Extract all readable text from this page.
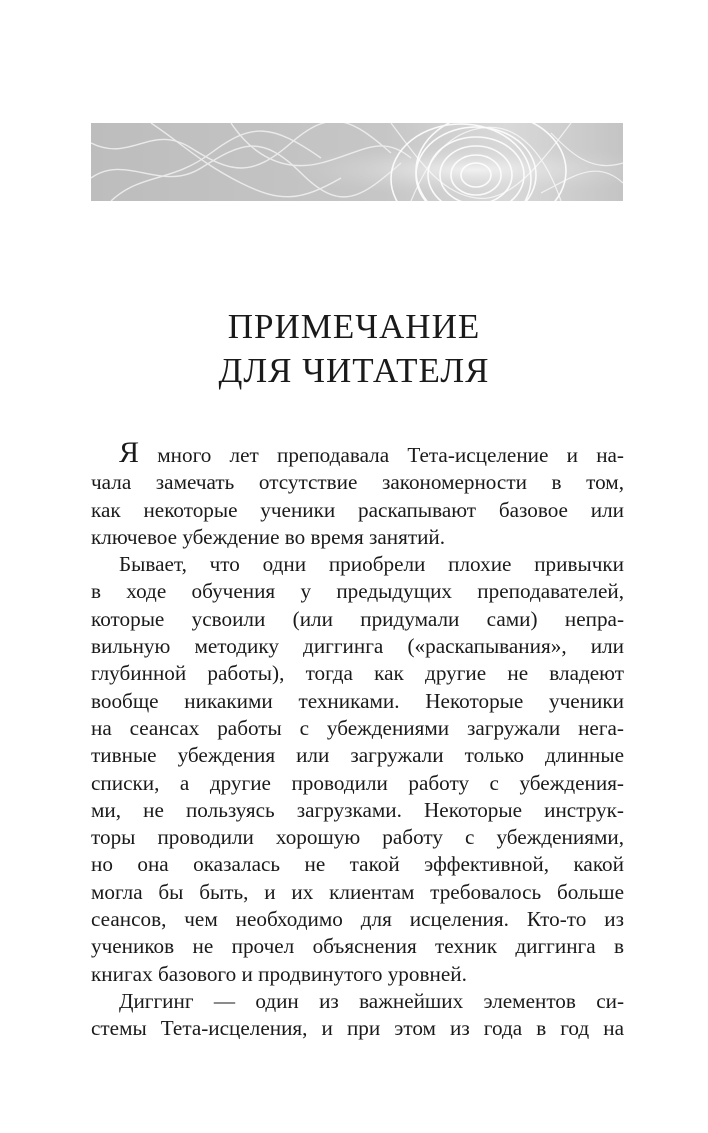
ПРИМЕЧАНИЕ
ДЛЯ ЧИТАТЕЛЯ

Я много лет преподавала Тета-исцеление и на-
чала замечать отсутствие закономерности в том,
как некоторые ученики раскапывают базовое или
ключевое убеждение во время занятий.

Бывает, что одни приобрели плохие привычки
в ходе обучения у предыдущих преподавателей,
которые усвоили (или придумали сами) непра-
вильную методику диггинга («раскапывания», или
глубинной работы), тогда как другие не владеют
вообще никакими техниками. Некоторые ученики
на сеансах работы с убеждениями загружали нега-
тивные убеждения или загружали только длинные
списки, а другие проводили работу с убеждения-
ми, не пользуясь загрузками. Некоторые инструк-
торы проводили хорошую работу с убеждениями,
но она оказалась не такой эффективной, какой
могла бы быть, и их клиентам требовалось больше
сеансов, чем необходимо для исцеления. Кто-то из
учеников не прочел объяснения техник диггинга в
книгах базового и продвинутого уровней.

Диггинг — один из важнейших элементов си-
стемы Тета-исцеления, и при этом из года в год на
